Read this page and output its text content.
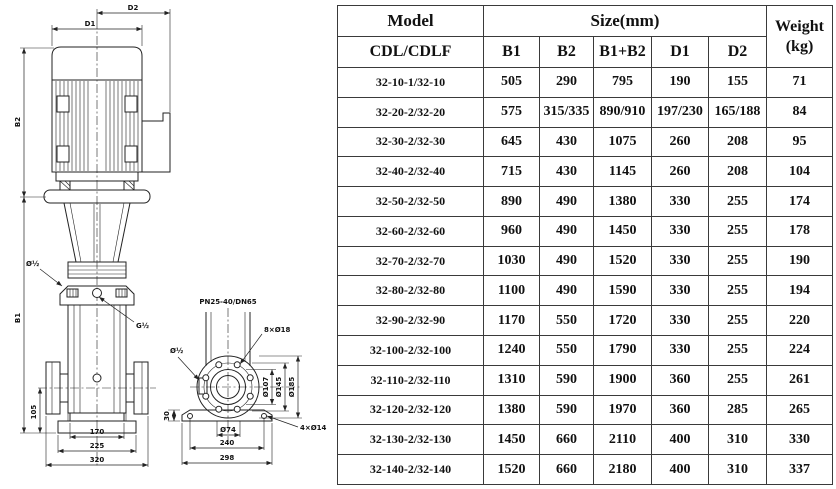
D1
D2
B2
B1
105
170
225
320
Ø½
G½
PN25-40/DN65
8×Ø18
Ø½
4×Ø14
Ø107 Ø145 Ø185
30
Ø74
240
298
Model	Size(mm)					Weight
(kg)

CDL/CDLF	B1	B2	B1+B2	D1	D2	
32-10-1/32-10	505	290	795	190	155	71
32-20-2/32-20	575	315/335	890/910	197/230	165/188	84
32-30-2/32-30	645	430	1075	260	208	95
32-40-2/32-40	715	430	1145	260	208	104
32-50-2/32-50	890	490	1380	330	255	174
32-60-2/32-60	960	490	1450	330	255	178
32-70-2/32-70	1030	490	1520	330	255	190
32-80-2/32-80	1100	490	1590	330	255	194
32-90-2/32-90	1170	550	1720	330	255	220
32-100-2/32-100	1240	550	1790	330	255	224
32-110-2/32-110	1310	590	1900	360	255	261
32-120-2/32-120	1380	590	1970	360	285	265
32-130-2/32-130	1450	660	2110	400	310	330
32-140-2/32-140	1520	660	2180	400	310	337
